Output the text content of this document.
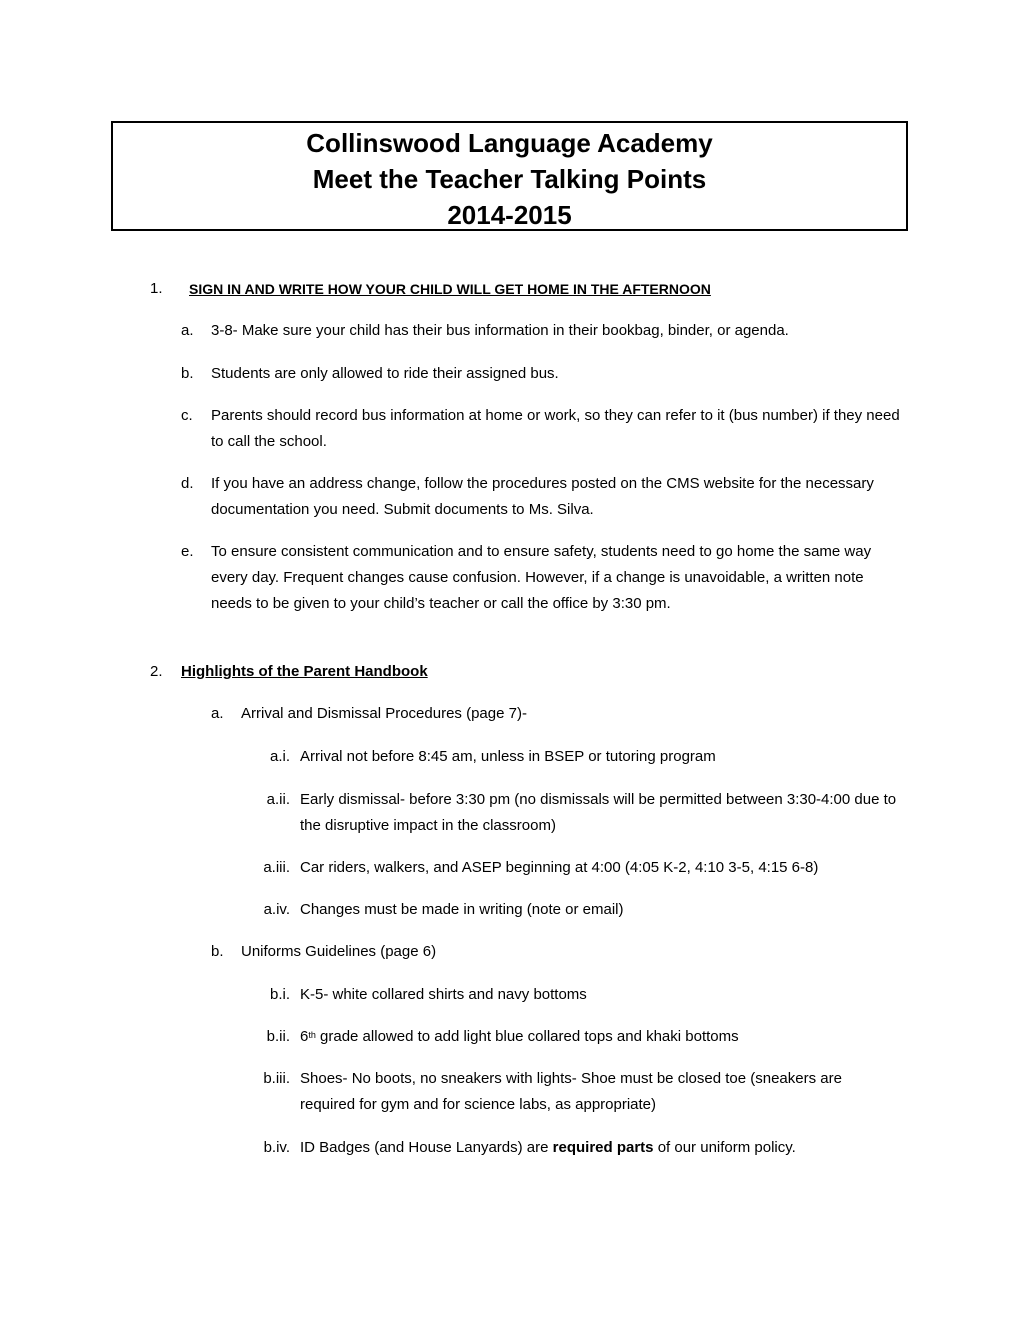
Collinswood Language Academy
Meet the Teacher Talking Points
2014-2015
1. SIGN IN AND WRITE HOW YOUR CHILD WILL GET HOME IN THE AFTERNOON
a.	3-8- Make sure your child has their bus information in their bookbag, binder, or agenda.
b.	Students are only allowed to ride their assigned bus.
c.	Parents should record bus information at home or work, so they can refer to it (bus number) if they need to call the school.
d.	If you have an address change, follow the procedures posted on the CMS website for the necessary documentation you need. Submit documents to Ms. Silva.
e.	To ensure consistent communication and to ensure safety, students need to go home the same way every day. Frequent changes cause confusion. However, if a change is unavoidable, a written note needs to be given to your child’s teacher or call the office by 3:30 pm.
2. Highlights of the Parent Handbook
a.	Arrival and Dismissal Procedures (page 7)-
a.i. Arrival not before 8:45 am, unless in BSEP or tutoring program
a.ii. Early dismissal- before 3:30 pm (no dismissals will be permitted between 3:30-4:00 due to the disruptive impact in the classroom)
a.iii. Car riders, walkers, and ASEP beginning at 4:00 (4:05 K-2, 4:10 3-5, 4:15 6-8)
a.iv. Changes must be made in writing (note or email)
b.	Uniforms Guidelines (page 6)
b.i. K-5- white collared shirts and navy bottoms
b.ii. 6th grade allowed to add light blue collared tops and khaki bottoms
b.iii. Shoes- No boots, no sneakers with lights- Shoe must be closed toe (sneakers are required for gym and for science labs, as appropriate)
b.iv. ID Badges (and House Lanyards) are required parts of our uniform policy.
